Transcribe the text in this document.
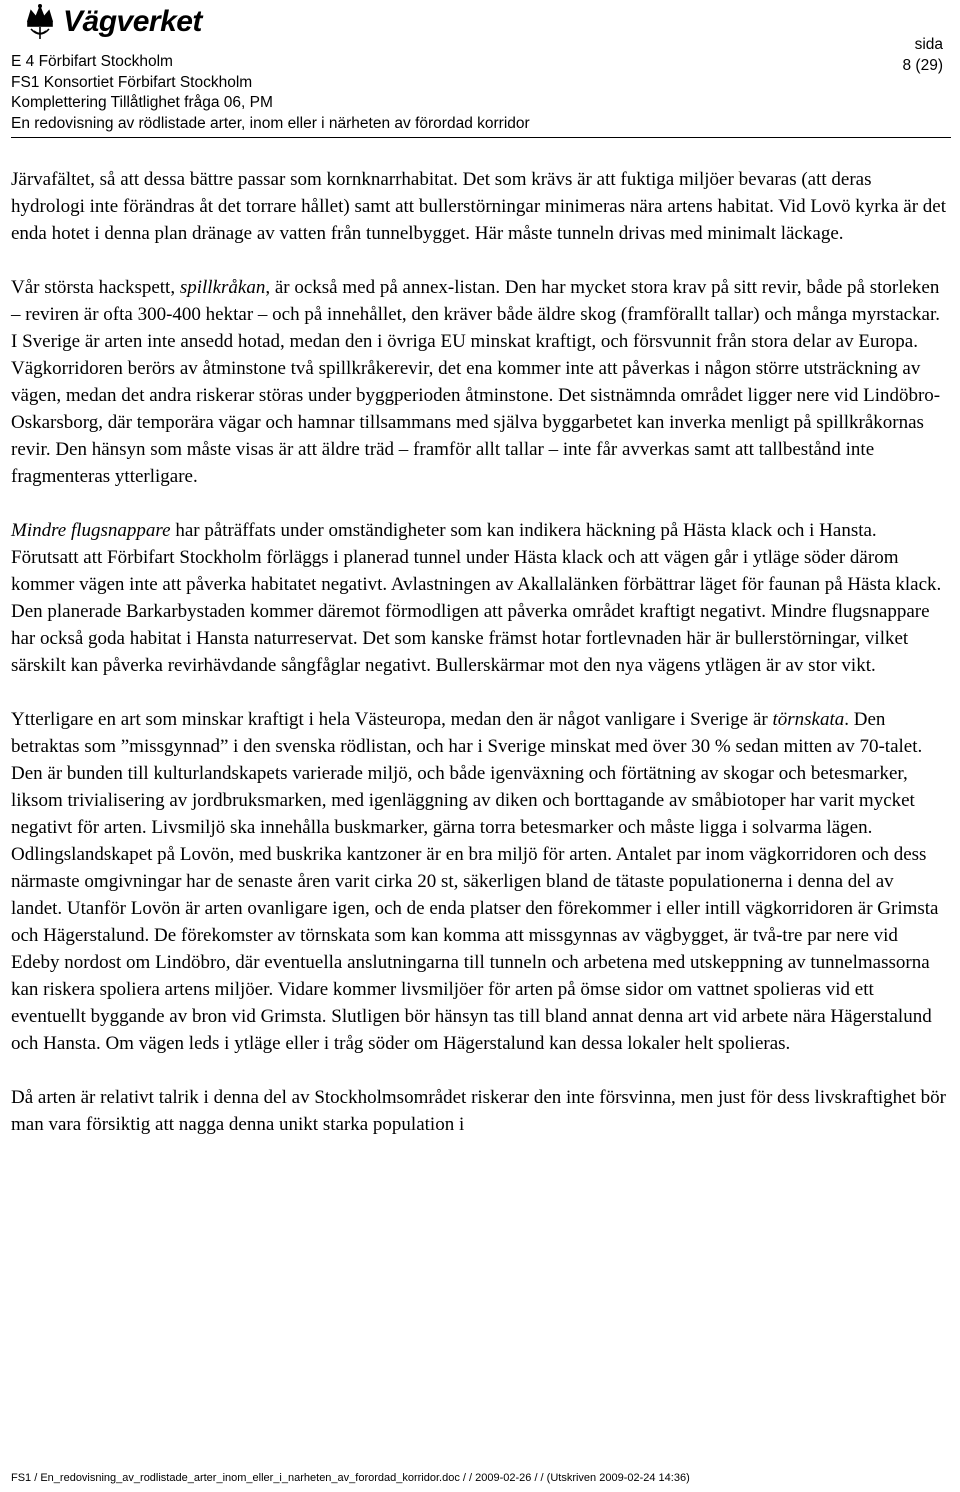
Vägverket
E 4 Förbifart Stockholm
FS1 Konsortiet Förbifart Stockholm
Komplettering Tillåtlighet fråga 06, PM
En redovisning av rödlistade arter, inom eller i närheten av förordad korridor
sida
8 (29)

Järvafältet, så att dessa bättre passar som kornknarrhabitat. Det som krävs är att fuktiga miljöer bevaras (att deras hydrologi inte förändras åt det torrare hållet) samt att bullerstörningar minimeras nära artens habitat. Vid Lovö kyrka är det enda hotet i denna plan dränage av vatten från tunnelbygget. Här måste tunneln drivas med minimalt läckage.

Vår största hackspett, spillkråkan, är också med på annex-listan. Den har mycket stora krav på sitt revir, både på storleken – reviren är ofta 300-400 hektar – och på innehållet, den kräver både äldre skog (framförallt tallar) och många myrstackar. I Sverige är arten inte ansedd hotad, medan den i övriga EU minskat kraftigt, och försvunnit från stora delar av Europa. Vägkorridoren berörs av åtminstone två spillkråkerevir, det ena kommer inte att påverkas i någon större utsträckning av vägen, medan det andra riskerar störas under byggperioden åtminstone. Det sistnämnda området ligger nere vid Lindöbro-Oskarsborg, där temporära vägar och hamnar tillsammans med själva byggarbetet kan inverka menligt på spillkråkornas revir. Den hänsyn som måste visas är att äldre träd – framför allt tallar – inte får avverkas samt att tallbestånd inte fragmenteras ytterligare.

Mindre flugsnappare har påträffats under omständigheter som kan indikera häckning på Hästa klack och i Hansta. Förutsatt att Förbifart Stockholm förläggs i planerad tunnel under Hästa klack och att vägen går i ytläge söder därom kommer vägen inte att påverka habitatet negativt. Avlastningen av Akallalänken förbättrar läget för faunan på Hästa klack. Den planerade Barkarbystaden kommer däremot förmodligen att påverka området kraftigt negativt. Mindre flugsnappare har också goda habitat i Hansta naturreservat. Det som kanske främst hotar fortlevnaden här är bullerstörningar, vilket särskilt kan påverka revirhävdande sångfåglar negativt. Bullerskärmar mot den nya vägens ytlägen är av stor vikt.

Ytterligare en art som minskar kraftigt i hela Västeuropa, medan den är något vanligare i Sverige är törnskata. Den betraktas som ”missgynnad” i den svenska rödlistan, och har i Sverige minskat med över 30 % sedan mitten av 70-talet. Den är bunden till kulturlandskapets varierade miljö, och både igenväxning och förtätning av skogar och betesmarker, liksom trivialisering av jordbruksmarken, med igenläggning av diken och borttagande av småbiotoper har varit mycket negativt för arten. Livsmiljö ska innehålla buskmarker, gärna torra betesmarker och måste ligga i solvarma lägen. Odlingslandskapet på Lovön, med buskrika kantzoner är en bra miljö för arten. Antalet par inom vägkorridoren och dess närmaste omgivningar har de senaste åren varit cirka 20 st, säkerligen bland de tätaste populationerna i denna del av landet. Utanför Lovön är arten ovanligare igen, och de enda platser den förekommer i eller intill vägkorridoren är Grimsta och Hägerstalund. De förekomster av törnskata som kan komma att missgynnas av vägbygget, är två-tre par nere vid Edeby nordost om Lindöbro, där eventuella anslutningarna till tunneln och arbetena med utskeppning av tunnelmassorna kan riskera spoliera artens miljöer. Vidare kommer livsmiljöer för arten på ömse sidor om vattnet spolieras vid ett eventuellt byggande av bron vid Grimsta. Slutligen bör hänsyn tas till bland annat denna art vid arbete nära Hägerstalund och Hansta. Om vägen leds i ytläge eller i tråg söder om Hägerstalund kan dessa lokaler helt spolieras.

Då arten är relativt talrik i denna del av Stockholmsområdet riskerar den inte försvinna, men just för dess livskraftighet bör man vara försiktig att nagga denna unikt starka population i

FS1 / En_redovisning_av_rodlistade_arter_inom_eller_i_narheten_av_forordad_korridor.doc / / 2009-02-26 / / (Utskriven 2009-02-24 14:36)
